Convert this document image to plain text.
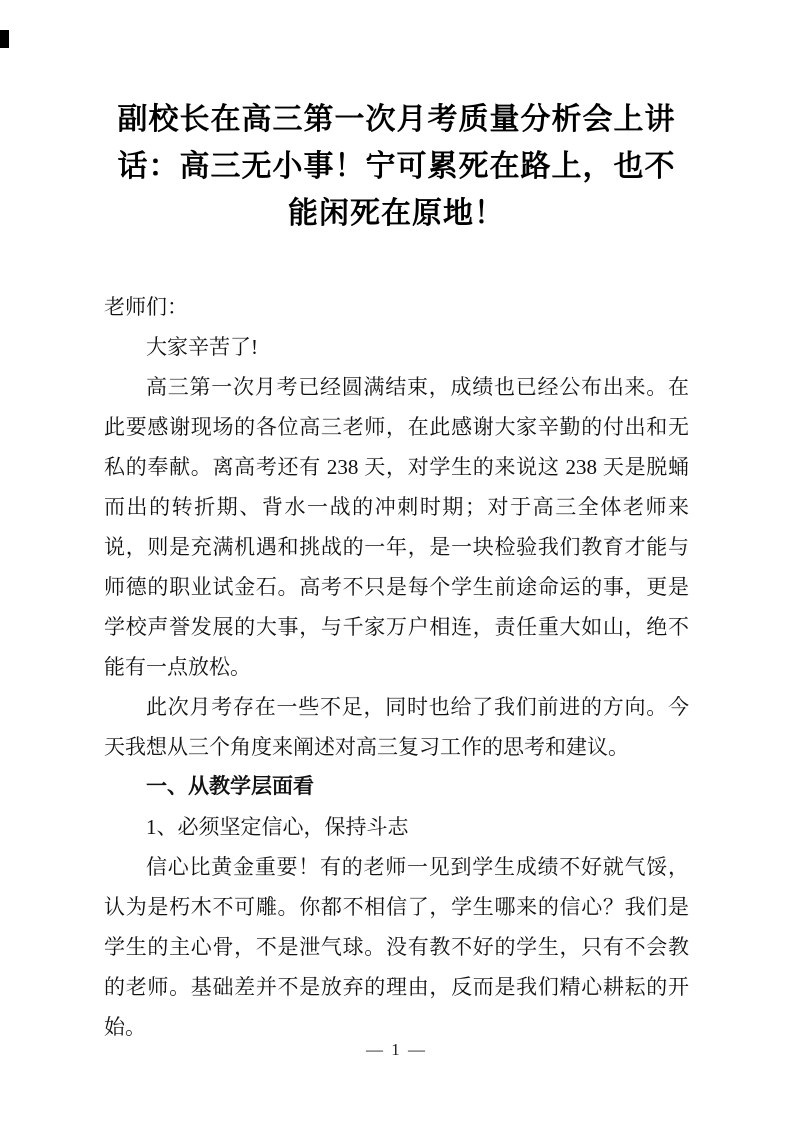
副校长在高三第一次月考质量分析会上讲话：高三无小事！宁可累死在路上，也不能闲死在原地！

老师们：

大家辛苦了!

高三第一次月考已经圆满结束，成绩也已经公布出来。在此要感谢现场的各位高三老师，在此感谢大家辛勤的付出和无私的奉献。离高考还有 238 天，对学生的来说这 238 天是脱蛹而出的转折期、背水一战的冲刺时期；对于高三全体老师来说，则是充满机遇和挑战的一年，是一块检验我们教育才能与师德的职业试金石。高考不只是每个学生前途命运的事，更是学校声誉发展的大事，与千家万户相连，责任重大如山，绝不能有一点放松。

此次月考存在一些不足，同时也给了我们前进的方向。今天我想从三个角度来阐述对高三复习工作的思考和建议。

一、从教学层面看

1、必须坚定信心，保持斗志

信心比黄金重要！有的老师一见到学生成绩不好就气馁，认为是朽木不可雕。你都不相信了，学生哪来的信心？我们是学生的主心骨，不是泄气球。没有教不好的学生，只有不会教的老师。基础差并不是放弃的理由，反而是我们精心耕耘的开始。

— 1 —
